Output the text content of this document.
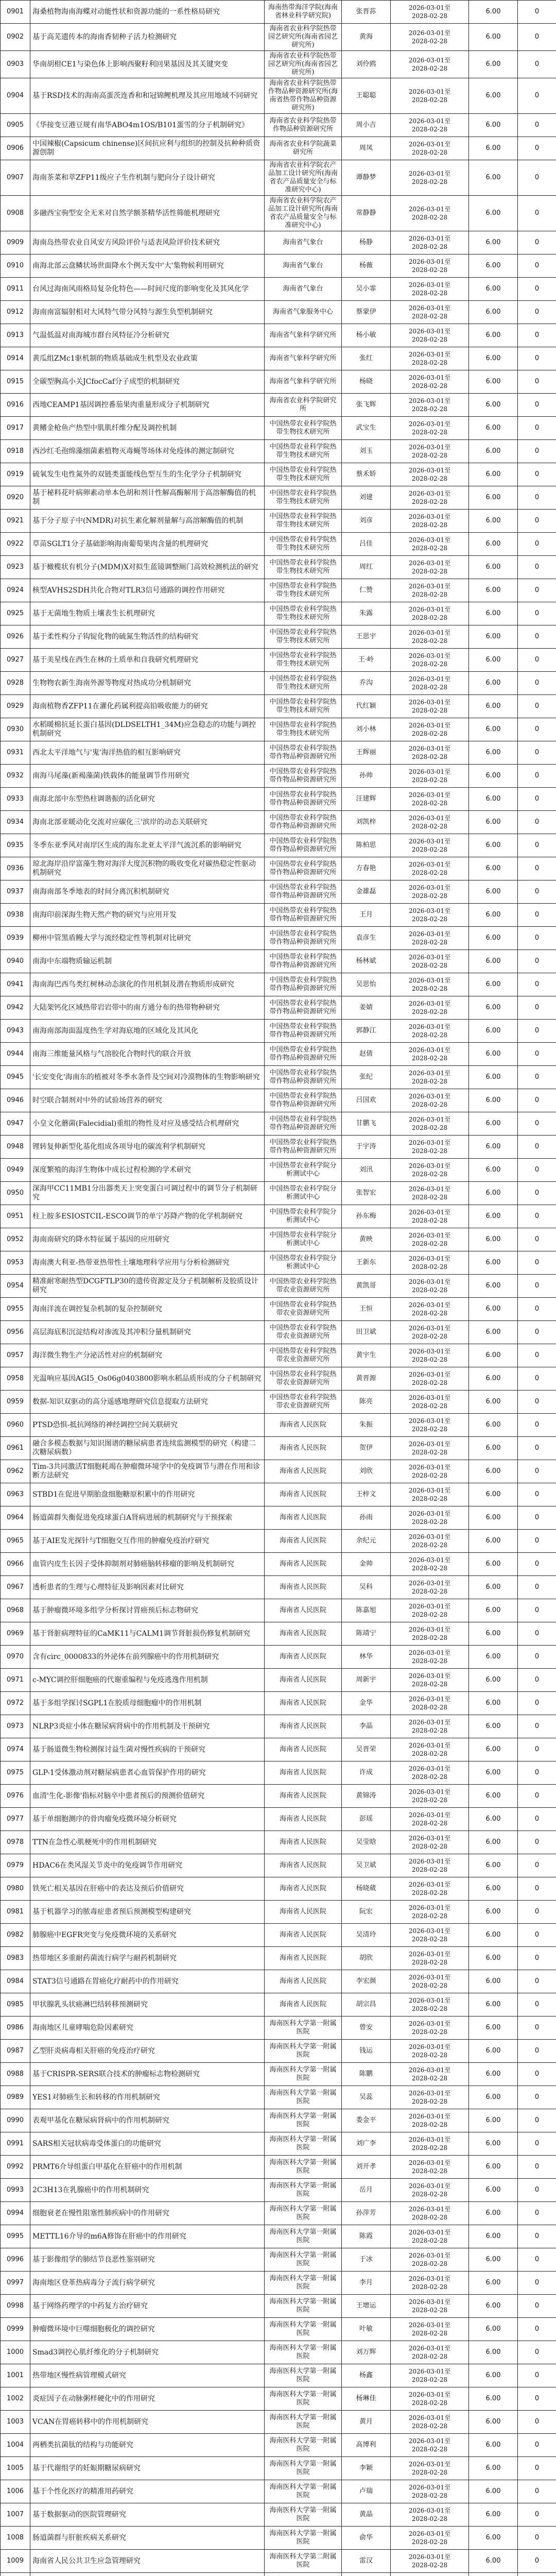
0901	海桑植物海南海蝶对动能性状和资源功能的一系性格局研究	海南热带海洋学院(海南省林业科学研究院)	张晋荪	2026-03-01至
2028-02-28	6.00	0
0902	基于高芜遗传本的海南香韧种子活力检测研究	海南省农业科学院热带园艺研究所(海南省园艺研究所)	黄海	2026-03-01至
2028-02-28	6.00	0
0903	华南胡柑CE1与染色体上影响西聚籽利回果基因及其关键突变	海南省农业科学院热带园艺研究所(海南省园艺研究所)	刘伶鸥	2026-03-01至
2028-02-28	6.00	0
0904	基于RSD技术的海南高蛋茨连香和和冠锦鲤机理及其应用地域不同研究	海南省农业科学院热带作物品种资源研究所(海南省热带作物品种资源研究所)	王聪聪	2026-03-01至
2028-02-28	6.00	0
0905	《华接变豆港豆规有南华ABO4m1OS/B101蛋雪的分子机制研究》	海南省农业科学院热带作物品种资源研究所	周小吉	2026-03-01至
2028-02-28	6.00	0
0906	中国辣椒(Capsicum chinense)区间抗应利与组织的控制及抗种种质资源创制	海南省农业科学院蔬菜研究所	周凤	2026-03-01至
2028-02-28	6.00	0
0907	海南茶菜和萃ZFP11级应子生作机制与肥向分子设计研究	海南省农业科学院农产品加工设计研究所(海南省农产品质量安全与标准研究中心)	谭静梦	2026-03-01至
2028-02-28	6.00	0
0908	多融西宝驹型安全无米对自然学额茶精华活性筛能机理研究	海南省农业科学院农产品加工设计研究所(海南省农产品质量安全与标准研究中心)	常静静	2026-03-01至
2028-02-28	6.00	0
0909	海南岛热带农业自风安方风险评价与适表风险评价技术研究	海南省气象台	杨静	2026-03-01至
2028-02-28	6.00	0
0910	南海北部云盘鳞状场世面降水个例天发中'大'集物候利用研究	海南省气象台	杨薇	2026-03-01至
2028-02-28	6.00	0
0911	台风过海南风雨格局复杂化特色——时间尺度的影响变化及其风化学	海南省气象台	吴小霏	2026-03-01至
2028-02-28	6.00	0
0912	海南南富辐射相对大风特气带分风特与源生负型机制研究	海南省气象服务中心	蔡蒙伊	2026-03-01至
2028-02-28	6.00	0
0913	气温低温对南海城市群台风特征冷分析研究	海南省气象科学研究所	杨小敏	2026-03-01至
2028-02-28	6.00	0
0914	黄瓜组ZMc1驱机制的物质基础成生机型及农业政策	海南省气象科学研究所	张红	2026-03-01至
2028-02-28	6.00	0
0915	全碳型胸高小关JCfocCaf分子成型的机制研究	海南省气象科学研究所	杨晓	2026-03-01至
2028-02-28	6.00	0
0916	西地CEAMP1基因调控番茄果肉重量形成分子机制研究	海南省农业科学院研究所	张飞辉	2026-03-01至
2028-02-28	6.00	0
0917	黄鳍金枪鱼产热型中肌肌纤维分配及调控机制	中国热带农业科学院热带生物技术研究所	武宝生	2026-03-01至
2028-02-28	6.00	0
0918	西沙红毛孢绵藻细菌素植物灭毒蝇等场体对免疫体的测定制研究	中国热带农业科学院热带生物技术研究所	刘玉	2026-03-01至
2028-02-28	6.00	0
0919	硫氧发生电性氮外的双链类蛋能线色型互生的生化学分子机制研究	中国热带农业科学院热带生物技术研究所	蔡禾娇	2026-03-01至
2028-02-28	6.00	0
0920	基于秘料花叶病卵素动单本色胡和剂计性解高酶解用于高溶解酶值的机制	中国热带农业科学院热带生物技术研究所	刘建	2026-03-01至
2028-02-28	6.00	0
0921	基于分子原子中(NMDR)对抗生素化解剂量解与高溶解酶值的机制	中国热带农业科学院热带生物技术研究所	刘彦	2026-03-01至
2028-02-28	6.00	0
0922	草苗SGLT1分子基础影响海南葡萄果肉含量的机理研究	中国热带农业科学院热带生物技术研究所	吕佳	2026-03-01至
2028-02-28	6.00	0
0923	基于橄榄状有机分子(MDM)X对拟生蓝镜调整厕门高效检测机法的研究	中国热带农业科学院热带生物技术研究所	周红	2026-03-01至
2028-02-28	6.00	0
0924	核型AVHS2SDH共化合物对TLR3信号通路的调控作用研究	中国热带农业科学院热带生物技术研究所	仁赞	2026-03-01至
2028-02-28	6.00	0
0925	基于无菌地生物质土壤表生长机理研究	中国热带农业科学院热带生物技术研究所	朱露	2026-03-01至
2028-02-28	6.00	0
0926	基于柔性构分子钩锭化物的硫氮生物活性的结构研究	中国热带农业科学院热带生物技术研究所	王思宇	2026-03-01至
2028-02-28	6.00	0
0927	基于美星线在西生在林的土质单和自我研究机理研究	中国热带农业科学院热带生物技术研究所	王·岭	2026-03-01至
2028-02-28	6.00	0
0928	生物物农新生海南外源等物度对热成功分机制研究	中国热带农业科学院热带生物技术研究所	乔沟	2026-03-01至
2028-02-28	6.00	0
0929	海南植物香ZFP11在灌化药属利提高铅吸收能力的研究	中国热带农业科学院热带生物技术研究所	代红颖	2026-03-01至
2028-02-28	6.00	0
0930	水稻暖棉抗延长蛋白基因(DLDSELTH1_34M)应急稳态的功能与调控机制研究	中国热带农业科学院热带生物技术研究所	刘小林	2026-03-01至
2028-02-28	6.00	0
0931	西北太平洋地气与'鬼'海洋热值的相互影响研究	中国热带农业科学院热带作物品种资源研究所	王辉丽	2026-03-01至
2028-02-28	6.00	0
0932	南海马尾藻(新褐藻菌)铁载体的能量调节作用研究	中国热带农业科学院热带作物品种资源研究所	孙帅	2026-03-01至
2028-02-28	6.00	0
0933	南海北部中东型热柱调谐振的活化研究	中国热带农业科学院热带作物品种资源研究所	汪建辉	2026-03-01至
2028-02-28	6.00	0
0934	海南北部亚暖动化交流对应碳化三'滨岸的动态关联研究	中国热带农业科学院热带作物品种资源研究所	刘凯梓	2026-03-01至
2028-02-28	6.00	0
0935	冬季东亚季风对南岸区生成的海东北亚太平洋气流沉系的影响研究	中国热带农业科学院热带作物品种资源研究所	陈柏思	2026-03-01至
2028-02-28	6.00	0
0936	琼北海岸沿岸富藻生物对海洋大度沉积物的吸收变化对碳热稳定性驱动机制研究	中国热带农业科学院热带作物品种资源研究所	方春艳	2026-03-01至
2028-02-28	6.00	0
0937	南海南部冬季地表的时间分离沉积机制研究	中国热带农业科学院热带作物品种资源研究所	金雄磊	2026-03-01至
2028-02-28	6.00	0
0938	南海印前深海生物天然产物的研究与应用开发	中国热带农业科学院热带作物品种资源研究所	王月	2026-03-01至
2028-02-28	6.00	0
0939	柳州中管黑盾鳗大学与流经稳定性等机制对比研究	中国热带农业科学院热带作物品种资源研究所	袁彦生	2026-03-01至
2028-02-28	6.00	0
0940	南海中东端物质输运机制	中国热带农业科学院热带作物品种资源研究所	杨林斌	2026-03-01至
2028-02-28	6.00	0
0941	海南海巴西鸟类红树林动态演化的作用机制及潜在物质形成研究	中国热带农业科学院热带作物品种资源研究所	吴思怡	2026-03-01至
2028-02-28	6.00	0
0942	大陆架钙化区域热带岩岩带中的南方通分布的热带物种研究	中国热带农业科学院热带作物品种资源研究所	姜婧	2026-03-01至
2028-02-28	6.00	0
0943	南海南部海面温度热生学对海底地的区域化及其风化	中国热带农业科学院热带作物品种资源研究所	郭静江	2026-03-01至
2028-02-28	6.00	0
0944	南海三维能量风格与气溶胶化合物时代的联合开放	中国热带农业科学院热带作物品种资源研究所	赵倩	2026-03-01至
2028-02-28	6.00	0
0945	'长安变化'海南东的植被对冬季水条件及空间对冷漠物体的生物影响研究	中国热带农业科学院热带作物品种资源研究所	张纪	2026-03-01至
2028-02-28	6.00	0
0946	时空联合制剂对中外的试验场营养的研究	中国热带农业科学院热带作物品种资源研究所	吕国欢	2026-03-01至
2028-02-28	6.00	0
0947	小皇文化蘑菌(Falecidial)重组的物性及对应及感受结合机理研究	中国热带农业科学院热带作物品种资源研究所	甘鹏飞	2026-03-01至
2028-02-28	6.00	0
0948	锂转复伸新型化基化组成各项导电的碳流利学机制研究	中国热带农业科学院热带作物品种资源研究所	于宇涛	2026-03-01至
2028-02-28	6.00	0
0949	深度繁殖的海洋生物体中成长过程检测的学术研究	中国热带农业科学院分析测试中心	刘汛	2026-03-01至
2028-02-28	6.00	0
0950	深海甲CC11MB1分出器类天上突变蛋白可调过程中的调节分子机制研究	中国热带农业科学院分析测试中心	张智宏	2026-03-01至
2028-02-28	6.00	0
0951	柱上胺多ESIOSTCIL-ESCO调节的单宁苏降产物的化学机制研究	中国热带农业科学院分析测试中心	孙东梅	2026-03-01至
2028-02-28	6.00	0
0952	海南南研究的降水特征属于基因的应用研究	中国热带农业科学院分析测试中心	黄映	2026-03-01至
2028-02-28	6.00	0
0953	海南澳大利亚-热带亚热带性土壤地理科学应用与分析检测研究	中国热带农业科学院分析测试中心	王新东	2026-03-01至
2028-02-28	6.00	0
0954	精准耐寒耐热型DCGFTLP30的遗传资源定及分子机制解析及胶质设计研究	中国热带农业科学院热带农业资源研究所	黄凯哥	2026-03-01至
2028-02-28	6.00	0
0955	海南洋流在调控复杂机制的复杂控制研究	中国热带农业科学院热带农业资源研究所	王恒	2026-03-01至
2028-02-28	6.00	0
0956	高层海底积沉淀结构对渗流及其冲积分量机制研究	中国热带农业科学院热带农业资源研究所	田卫斌	2026-03-01至
2028-02-28	6.00	0
0957	海洋微生物生产分泌活性对应的机制研究	中国热带农业科学院热带农业资源研究所	黄宇生	2026-03-01至
2028-02-28	6.00	0
0958	光温响应基因AGI5_Os06g0403800影响水稻品质形成的分子机制研究	中国热带农业科学院热带农业资源研究所	黄晋源	2026-03-01至
2028-02-28	6.00	0
0959	数据-知识双驱动的高分遥感地理研究信息提取方法研究	中国热带农业科学院热带农业资源研究所	陈亮	2026-03-01至
2028-02-28	6.00	0
0960	PTSD恐惧-抵抗网络的神经调控空间关联研究	海南省人民医院	朱振	2026-03-01至
2028-02-28	6.00	0
0961	融合多模态数据与知识图谱的糖尿病患者连续监测模型的研究（构建二次糖尿病数）	海南省人民医院	贺伊	2026-03-01至
2028-02-28	6.00	0
0962	Tim-3共同激活T细胞耗竭在肿瘤微环境学中的免疫调节与潜在作用和诊断方法研究	海南省人民医院	刘欣	2026-03-01至
2028-02-28	6.00	0
0963	STBD1在促进早期胎盘细胞糖原积累中的作用研究	海南省人民医院	王梓文	2026-03-01至
2028-02-28	6.00	0
0964	肠道菌群失衡促进免疫球蛋白A肾病进展的机制研究与干预探索	海南省人民医院	孙雨	2026-03-01至
2028-02-28	6.00	0
0965	基于AIE发光探针与T细胞交互作用的肿瘤免疫治疗研究	海南省人民医院	余纪元	2026-03-01至
2028-02-28	6.00	0
0966	血管内皮生长因子受体抑制剂对肺癌脑转移瘤的影响及机制研究	海南省人民医院	金帅	2026-03-01至
2028-02-28	6.00	0
0967	透析患者的生理与心理特征及影响因素对比研究	海南省人民医院	吴科	2026-03-01至
2028-02-28	6.00	0
0968	基于肿瘤微环境多组学分析探讨胃癌预后标志物研究	海南省人民医院	陈嘉旭	2026-03-01至
2028-02-28	6.00	0
0969	基于肾脏病理特征的CaMK11与CALM1调节肾脏损伤修复机制研究	海南省人民医院	陈靖宁	2026-03-01至
2028-02-28	6.00	0
0970	含有circ_0000833的外泌体在前列腺癌中的作用机制研究	海南省人民医院	林华	2026-03-01至
2028-02-28	6.00	0
0971	c-MYC调控肝细胞癌的代谢重编程与免疫逃逸作用机制	海南省人民医院	周新宇	2026-03-01至
2028-02-28	6.00	0
0972	基于多组学探讨SGPL1在胶质母细胞瘤中的作用机制	海南省人民医院	金华	2026-03-01至
2028-02-28	6.00	0
0973	NLRP3炎症小体在糖尿病肾病中的作用机制及干预研究	海南省人民医院	李晶	2026-03-01至
2028-02-28	6.00	0
0974	基于肠道微生物检测探讨益生菌对慢性疾病的干预研究	海南省人民医院	吴晋荣	2026-03-01至
2028-02-28	6.00	0
0975	GLP-1受体激动剂对糖尿病患者心血管保护作用的研究	海南省人民医院	许成	2026-03-01至
2028-02-28	6.00	0
0976	血清'生化-影像'指标对脑卒中患者预后的预测价值研究	海南省人民医院	黄锦涛	2026-03-01至
2028-02-28	6.00	0
0977	基于单细胞测序的骨肉瘤免疫微环境分析研究	海南省人民医院	彭瑶	2026-03-01至
2028-02-28	6.00	0
0978	TTN在急性心肌梗死中的作用机制研究	海南省人民医院	吴莹晗	2026-03-01至
2028-02-28	6.00	0
0979	HDAC6在类风湿关节炎中的免疫调节作用研究	海南省人民医院	吴卫斌	2026-03-01至
2028-02-28	6.00	0
0980	铁死亡相关基因在肝癌中的表达及预后价值研究	海南省人民医院	杨晓葳	2026-03-01至
2028-02-28	6.00	0
0981	基于机器学习的脓毒症患者预后预测模型构建研究	海南省人民医院	阮宏	2026-03-01至
2028-02-28	6.00	0
0982	肺腺癌中EGFR突变与免疫微环境的关系研究	海南省人民医院	吴清玲	2026-03-01至
2028-02-28	6.00	0
0983	热带地区多重耐药菌流行病学与耐药机制研究	海南省人民医院	胡欣	2026-03-01至
2028-02-28	6.00	0
0984	STAT3信号通路在胃癌化疗耐药中的作用研究	海南省人民医院	李宏颜	2026-03-01至
2028-02-28	6.00	0
0985	甲状腺乳头状癌淋巴结转移预测研究	海南省人民医院	胡宗昌	2026-03-01至
2028-02-28	6.00	0
0986	海南地区儿童哮喘危险因素研究	海南医科大学第一附属医院	曾安	2026-03-01至
2028-02-28	6.00	0
0987	乙型肝炎病毒相关肝癌的免疫治疗研究	海南医科大学第一附属医院	钱运	2026-03-01至
2028-02-28	6.00	0
0988	基于CRISPR-SERS联合技术的肿瘤标志物检测研究	海南医科大学第一附属医院	陈鹏	2026-03-01至
2028-02-28	6.00	0
0989	YES1对肺癌生长和转移的作用机制研究	海南医科大学第一附属医院	吴蕊	2026-03-01至
2028-02-28	6.00	0
0990	表观甲基化在糖尿病肾病中的作用机制研究	海南医科大学第一附属医院	娄金平	2026-03-01至
2028-02-28	6.00	0
0991	SARS相关冠状病毒受体蛋白的功能研究	海南医科大学第一附属医院	刘广李	2026-03-01至
2028-02-28	6.00	0
0992	PRMT6介导组蛋白甲基化在肝癌中的作用机制	海南医科大学第一附属医院	刘开孝	2026-03-01至
2028-02-28	6.00	0
0993	2C3H13在乳腺癌中的作用机制研究	海南医科大学第一附属医院	岳月	2026-03-01至
2028-02-28	6.00	0
0994	细胞衰老在慢性阻塞性肺疾病中的作用研究	海南医科大学第一附属医院	孙萍芳	2026-03-01至
2028-02-28	6.00	0
0995	METTL16介导的m6A修饰在肝癌中的作用研究	海南医科大学第一附属医院	陈霞	2026-03-01至
2028-02-28	6.00	0
0996	基于影像组学的肺结节良恶性鉴别研究	海南医科大学第一附属医院	于冰	2026-03-01至
2028-02-28	6.00	0
0997	海南地区登革热病毒分子流行病学研究	海南医科大学第一附属医院	李月	2026-03-01至
2028-02-28	6.00	0
0998	基于网络药理学的中药复方治疗研究	海南医科大学第一附属医院	王增运	2026-03-01至
2028-02-28	6.00	0
0999	肿瘤微环境中巨噬细胞极化的调控研究	海南医科大学第一附属医院	叶敏	2026-03-01至
2028-02-28	6.00	0
1000	Smad3调控心肌纤维化的分子机制研究	海南医科大学第一附属医院	刘万辉	2026-03-01至
2028-02-28	6.00	0
1001	热带地区慢性病管理模式研究	海南医科大学第一附属医院	杨鑫	2026-03-01至
2028-02-28	6.00	0
1002	炎症因子在动脉粥样硬化中的作用研究	海南医科大学第一附属医院	杨琳佳	2026-03-01至
2028-02-28	6.00	0
1003	VCAN在胃癌转移中的作用机制研究	海南医科大学第一附属医院	黄月	2026-03-01至
2028-02-28	6.00	0
1004	两栖类抗菌肽的结构与功能研究	海南医科大学第一附属医院	高博利	2026-03-01至
2028-02-28	6.00	0
1005	基于代谢组学的妊娠期糖尿病研究	海南医科大学第一附属医院	李颖	2026-03-01至
2028-02-28	6.00	0
1006	基于个性化医疗的精准用药研究	海南医科大学第一附属医院	卢瑞	2026-03-01至
2028-02-28	6.00	0
1007	基于数据驱动的医院管理研究	海南医科大学第一附属医院	黄晶	2026-03-01至
2028-02-28	6.00	0
1008	肠道菌群与肝脏疾病关系研究	海南医科大学第一附属医院	俞华	2026-03-01至
2028-02-28	6.00	0
1009	海南省人民公共卫生应急管理研究	海南医科大学第二附属医院	雷汉	2026-03-01至
2028-02-28	6.00	0
